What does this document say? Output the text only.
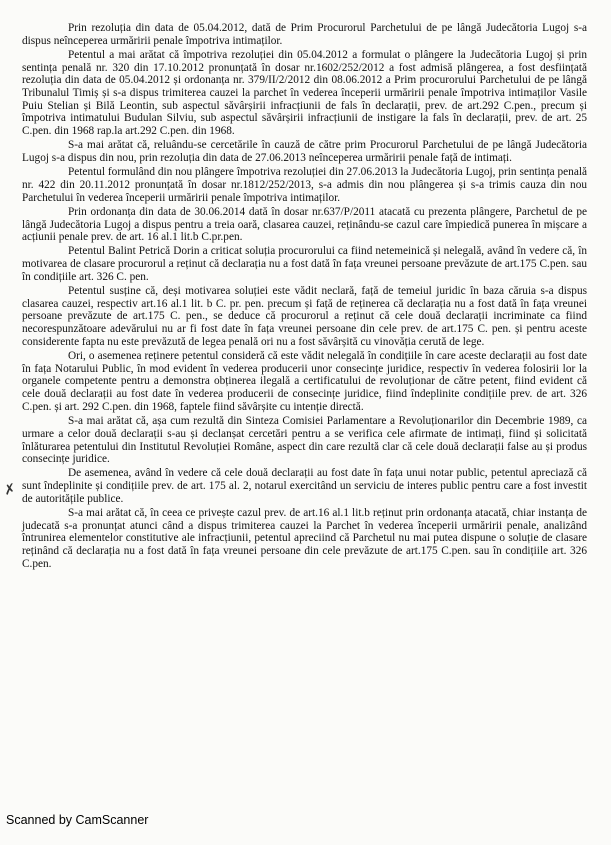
Prin rezoluția din data de 05.04.2012, dată de Prim Procurorul Parchetului de pe lângă Judecătoria Lugoj s-a dispus neînceperea urmăririi penale împotriva intimaților.

Petentul a mai arătat că împotriva rezoluției din 05.04.2012 a formulat o plângere la Judecătoria Lugoj și prin sentința penală nr. 320 din 17.10.2012 pronunțată în dosar nr.1602/252/2012 a fost admisă plângerea, a fost desființată rezoluția din data de 05.04.2012 și ordonanța nr. 379/II/2/2012 din 08.06.2012 a Prim procurorului Parchetului de pe lângă Tribunalul Timiș și s-a dispus trimiterea cauzei la parchet în vederea începerii urmăririi penale împotriva intimaților Vasile Puiu Stelian și Bilă Leontin, sub aspectul săvârșirii infracțiunii de fals în declarații, prev. de art.292 C.pen., precum și împotriva intimatului Budulan Silviu, sub aspectul săvârșirii infracțiunii de instigare la fals în declarații, prev. de art. 25 C.pen. din 1968 rap.la art.292 C.pen. din 1968.

S-a mai arătat că, reluându-se cercetările în cauză de către prim Procurorul Parchetului de pe lângă Judecătoria Lugoj s-a dispus din nou, prin rezoluția din data de 27.06.2013 neînceperea urmăririi penale față de intimați.

Petentul formulând din nou plângere împotriva rezoluției din 27.06.2013 la Judecătoria Lugoj, prin sentința penală nr. 422 din 20.11.2012 pronunțată în dosar nr.1812/252/2013, s-a admis din nou plângerea și s-a trimis cauza din nou Parchetului în vederea începerii urmăririi penale împotriva intimaților.

Prin ordonanța din data de 30.06.2014 dată în dosar nr.637/P/2011 atacată cu prezenta plângere, Parchetul de pe lângă Judecătoria Lugoj a dispus pentru a treia oară, clasarea cauzei, reținându-se cazul care împiedică punerea în mișcare a acțiunii penale prev. de art. 16 al.1 lit.b C.pr.pen.

Petentul Balint Petrică Dorin a criticat soluția procurorului ca fiind netemeinică și nelegală, având în vedere că, în motivarea de clasare procurorul a reținut că declarația nu a fost dată în fața vreunei persoane prevăzute de art.175 C.pen. sau în condițiile art. 326 C. pen.

Petentul susține că, deși motivarea soluției este vădit neclară, față de temeiul juridic în baza căruia s-a dispus clasarea cauzei, respectiv art.16 al.1 lit. b C. pr. pen. precum și față de reținerea că declarația nu a fost dată în fața vreunei persoane prevăzute de art.175 C. pen., se deduce că procurorul a reținut că cele două declarații incriminate ca fiind necorespunzătoare adevărului nu ar fi fost date în fața vreunei persoane din cele prev. de art.175 C. pen. și pentru aceste considerente fapta nu este prevăzută de legea penală ori nu a fost săvârșită cu vinovăția cerută de lege.

Ori, o asemenea reținere petentul consideră că este vădit nelegală în condițiile în care aceste declarații au fost date în fața Notarului Public, în mod evident în vederea producerii unor consecințe juridice, respectiv în vederea folosirii lor la organele competente pentru a demonstra obținerea ilegală a certificatului de revoluționar de către petent, fiind evident că cele două declarații au fost date în vederea producerii de consecințe juridice, fiind îndeplinite condițiile prev. de art. 326 C.pen. și art. 292 C.pen. din 1968, faptele fiind săvârșite cu intenție directă.

S-a mai arătat că, așa cum rezultă din Sinteza Comisiei Parlamentare a Revoluționarilor din Decembrie 1989, ca urmare a celor două declarații s-au și declanșat cercetări pentru a se verifica cele afirmate de intimați, fiind și solicitată înlăturarea petentului din Institutul Revoluției Române, aspect din care rezultă clar că cele două declarații false au și produs consecințe juridice.

De asemenea, având în vedere că cele două declarații au fost date în fața unui notar public, petentul apreciază că sunt îndeplinite și condițiile prev. de art. 175 al. 2, notarul exercitând un serviciu de interes public pentru care a fost investit de autoritățile publice.

S-a mai arătat că, în ceea ce privește cazul prev. de art.16 al.1 lit.b reținut prin ordonanța atacată, chiar instanța de judecată s-a pronunțat atunci când a dispus trimiterea cauzei la Parchet în vederea începerii urmăririi penale, analizând întrunirea elementelor constitutive ale infracțiunii, petentul apreciind că Parchetul nu mai putea dispune o soluție de clasare reținând că declarația nu a fost dată în fața vreunei persoane din cele prevăzute de art.175 C.pen. sau în condițiile art. 326 C.pen.

✗
Scanned by CamScanner
